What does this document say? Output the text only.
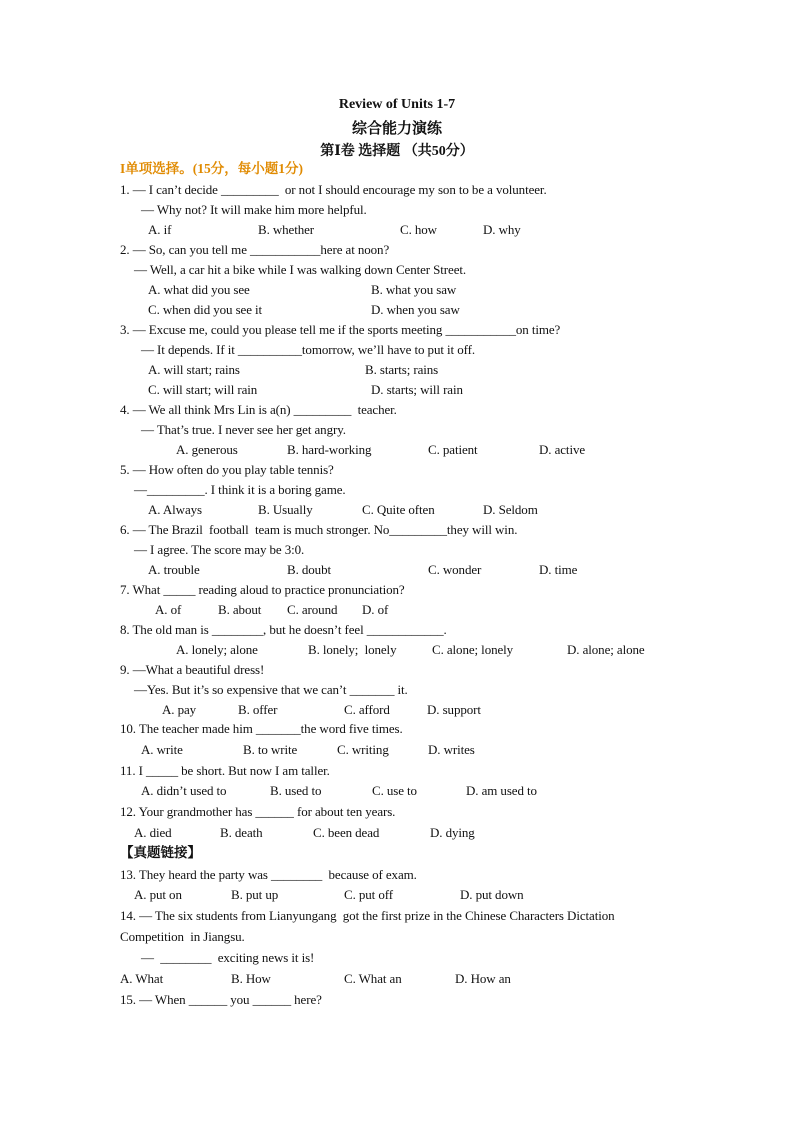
Review of Units 1-7
综合能力演练
第Ⅰ卷 选择题 （共50分）
I单项选择。(15分，每小题1分)
1. — I can’t decide _________  or not I should encourage my son to be a volunteer.
— Why not? It will make him more helpful.
A. if	B. whether	C. how	D. why
2. — So, can you tell me ___________here at noon?
— Well, a car hit a bike while I was walking down Center Street.
A. what did you see	B. what you saw
C. when did you see it	D. when you saw
3. — Excuse me, could you please tell me if the sports meeting ___________on time?
— It depends. If it __________tomorrow, we’ll have to put it off.
A. will start; rains	B. starts; rains
C. will start; will rain	D. starts; will rain
4. — We all think Mrs Lin is a(n) _________  teacher.
— That’s true. I never see her get angry.
A. generous	B. hard-working	C. patient	D. active
5. — How often do you play table tennis?
—_________. I think it is a boring game.
A. Always	B. Usually	C. Quite often	D. Seldom
6. — The Brazil  football  team is much stronger. No_________they will win.
— I agree. The score may be 3:0.
A. trouble	B. doubt	C. wonder	D. time
7. What _____ reading aloud to practice pronunciation?
A. of	B. about C. around D. of
8. The old man is ________, but he doesn’t feel ____________.
A. lonely; alone	B. lonely;  lonely	C. alone; lonely	D. alone; alone
9. —What a beautiful dress!
—Yes. But it’s so expensive that we can’t _______ it.
A. pay	B. offer	C. afford	D. support
10. The teacher made him _______the word five times.
A. write	B. to write	C. writing	D. writes
11. I _____ be short. But now I am taller.
A. didn’t used to	B. used to	C. use to	D. am used to
12. Your grandmother has ______ for about ten years.
A. died	B. death	C. been dead	D. dying
【真题链接】
13. They heard the party was ________  because of exam.
A. put on	B. put up	C. put off	D. put down
14. — The six students from Lianyungang  got the first prize in the Chinese Characters Dictation
Competition  in Jiangsu.
—  ________  exciting news it is!
A. What	B. How	C. What an	D. How an
15. — When ______ you ______ here?
